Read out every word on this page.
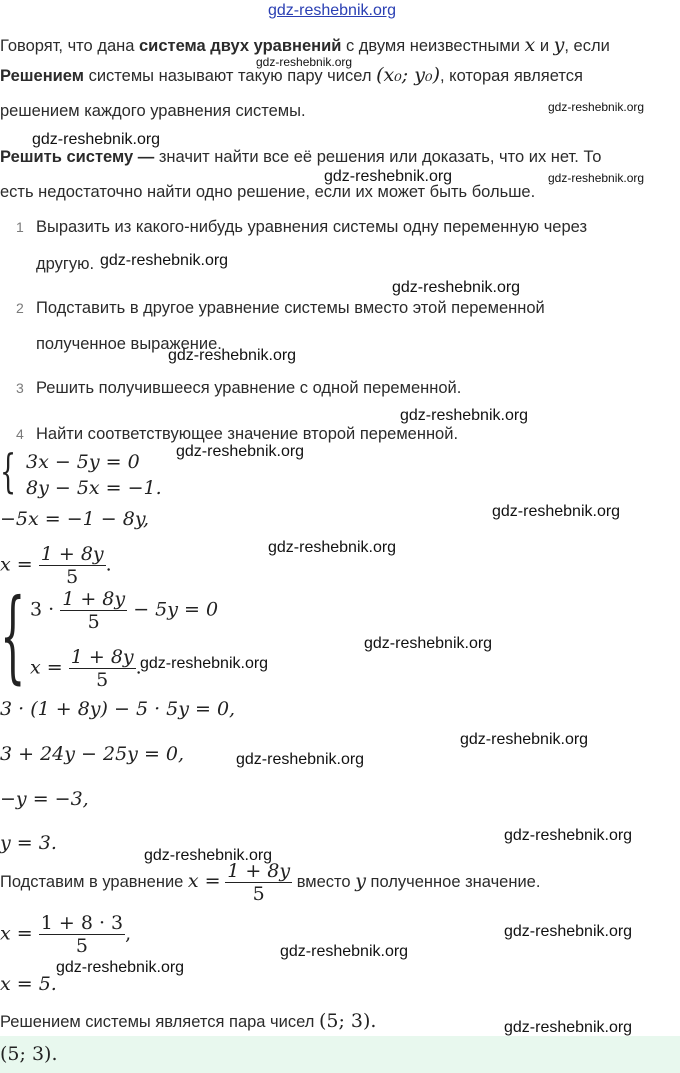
gdz-reshebnik.org
Говорят, что дана система двух уравнений с двумя неизвестными x и y, если
Решением системы называют такую пару чисел (x₀; y₀), которая является
решением каждого уравнения системы.
Решить систему — значит найти все её решения или доказать, что их нет. То
есть недостаточно найти одно решение, если их может быть больше.
1 Выразить из какого-нибудь уравнения системы одну переменную через
другую.
2 Подставить в другое уравнение системы вместо этой переменной
полученное выражение.
3 Решить получившееся уравнение с одной переменной.
4 Найти соответствующее значение второй переменной.
{ 3x − 5y = 0
8y − 5x = −1.
−5x = −1 − 8y,
$x = \frac{1 + 8y}{5}$ .
{ $3 \cdot \frac{1 + 8y}{5} - 5y = 0$
$x = \frac{1 + 8y}{5}$ .
3 · (1 + 8y) − 5 · 5y = 0,
3 + 24y − 25y = 0,
−y = −3,
y = 3.
Подставим в уравнение $x = \frac{1 + 8y}{5}$ вместо y полученное значение.
$x = \frac{1 + 8 \cdot 3}{5}$ ,
x = 5.
Решением системы является пара чисел (5; 3).
(5; 3).
gdz-reshebnik.org
gdz-reshebnik.org
gdz-reshebnik.org
gdz-reshebnik.org	gdz-reshebnik.org
gdz-reshebnik.org
gdz-reshebnik.org
gdz-reshebnik.org
gdz-reshebnik.org
gdz-reshebnik.org
gdz-reshebnik.org
gdz-reshebnik.org
gdz-reshebnik.org
gdz-reshebnik.org
gdz-reshebnik.org
gdz-reshebnik.org
gdz-reshebnik.org
gdz-reshebnik.org
gdz-reshebnik.org
gdz-reshebnik.org
gdz-reshebnik.org
gdz-reshebnik.org
